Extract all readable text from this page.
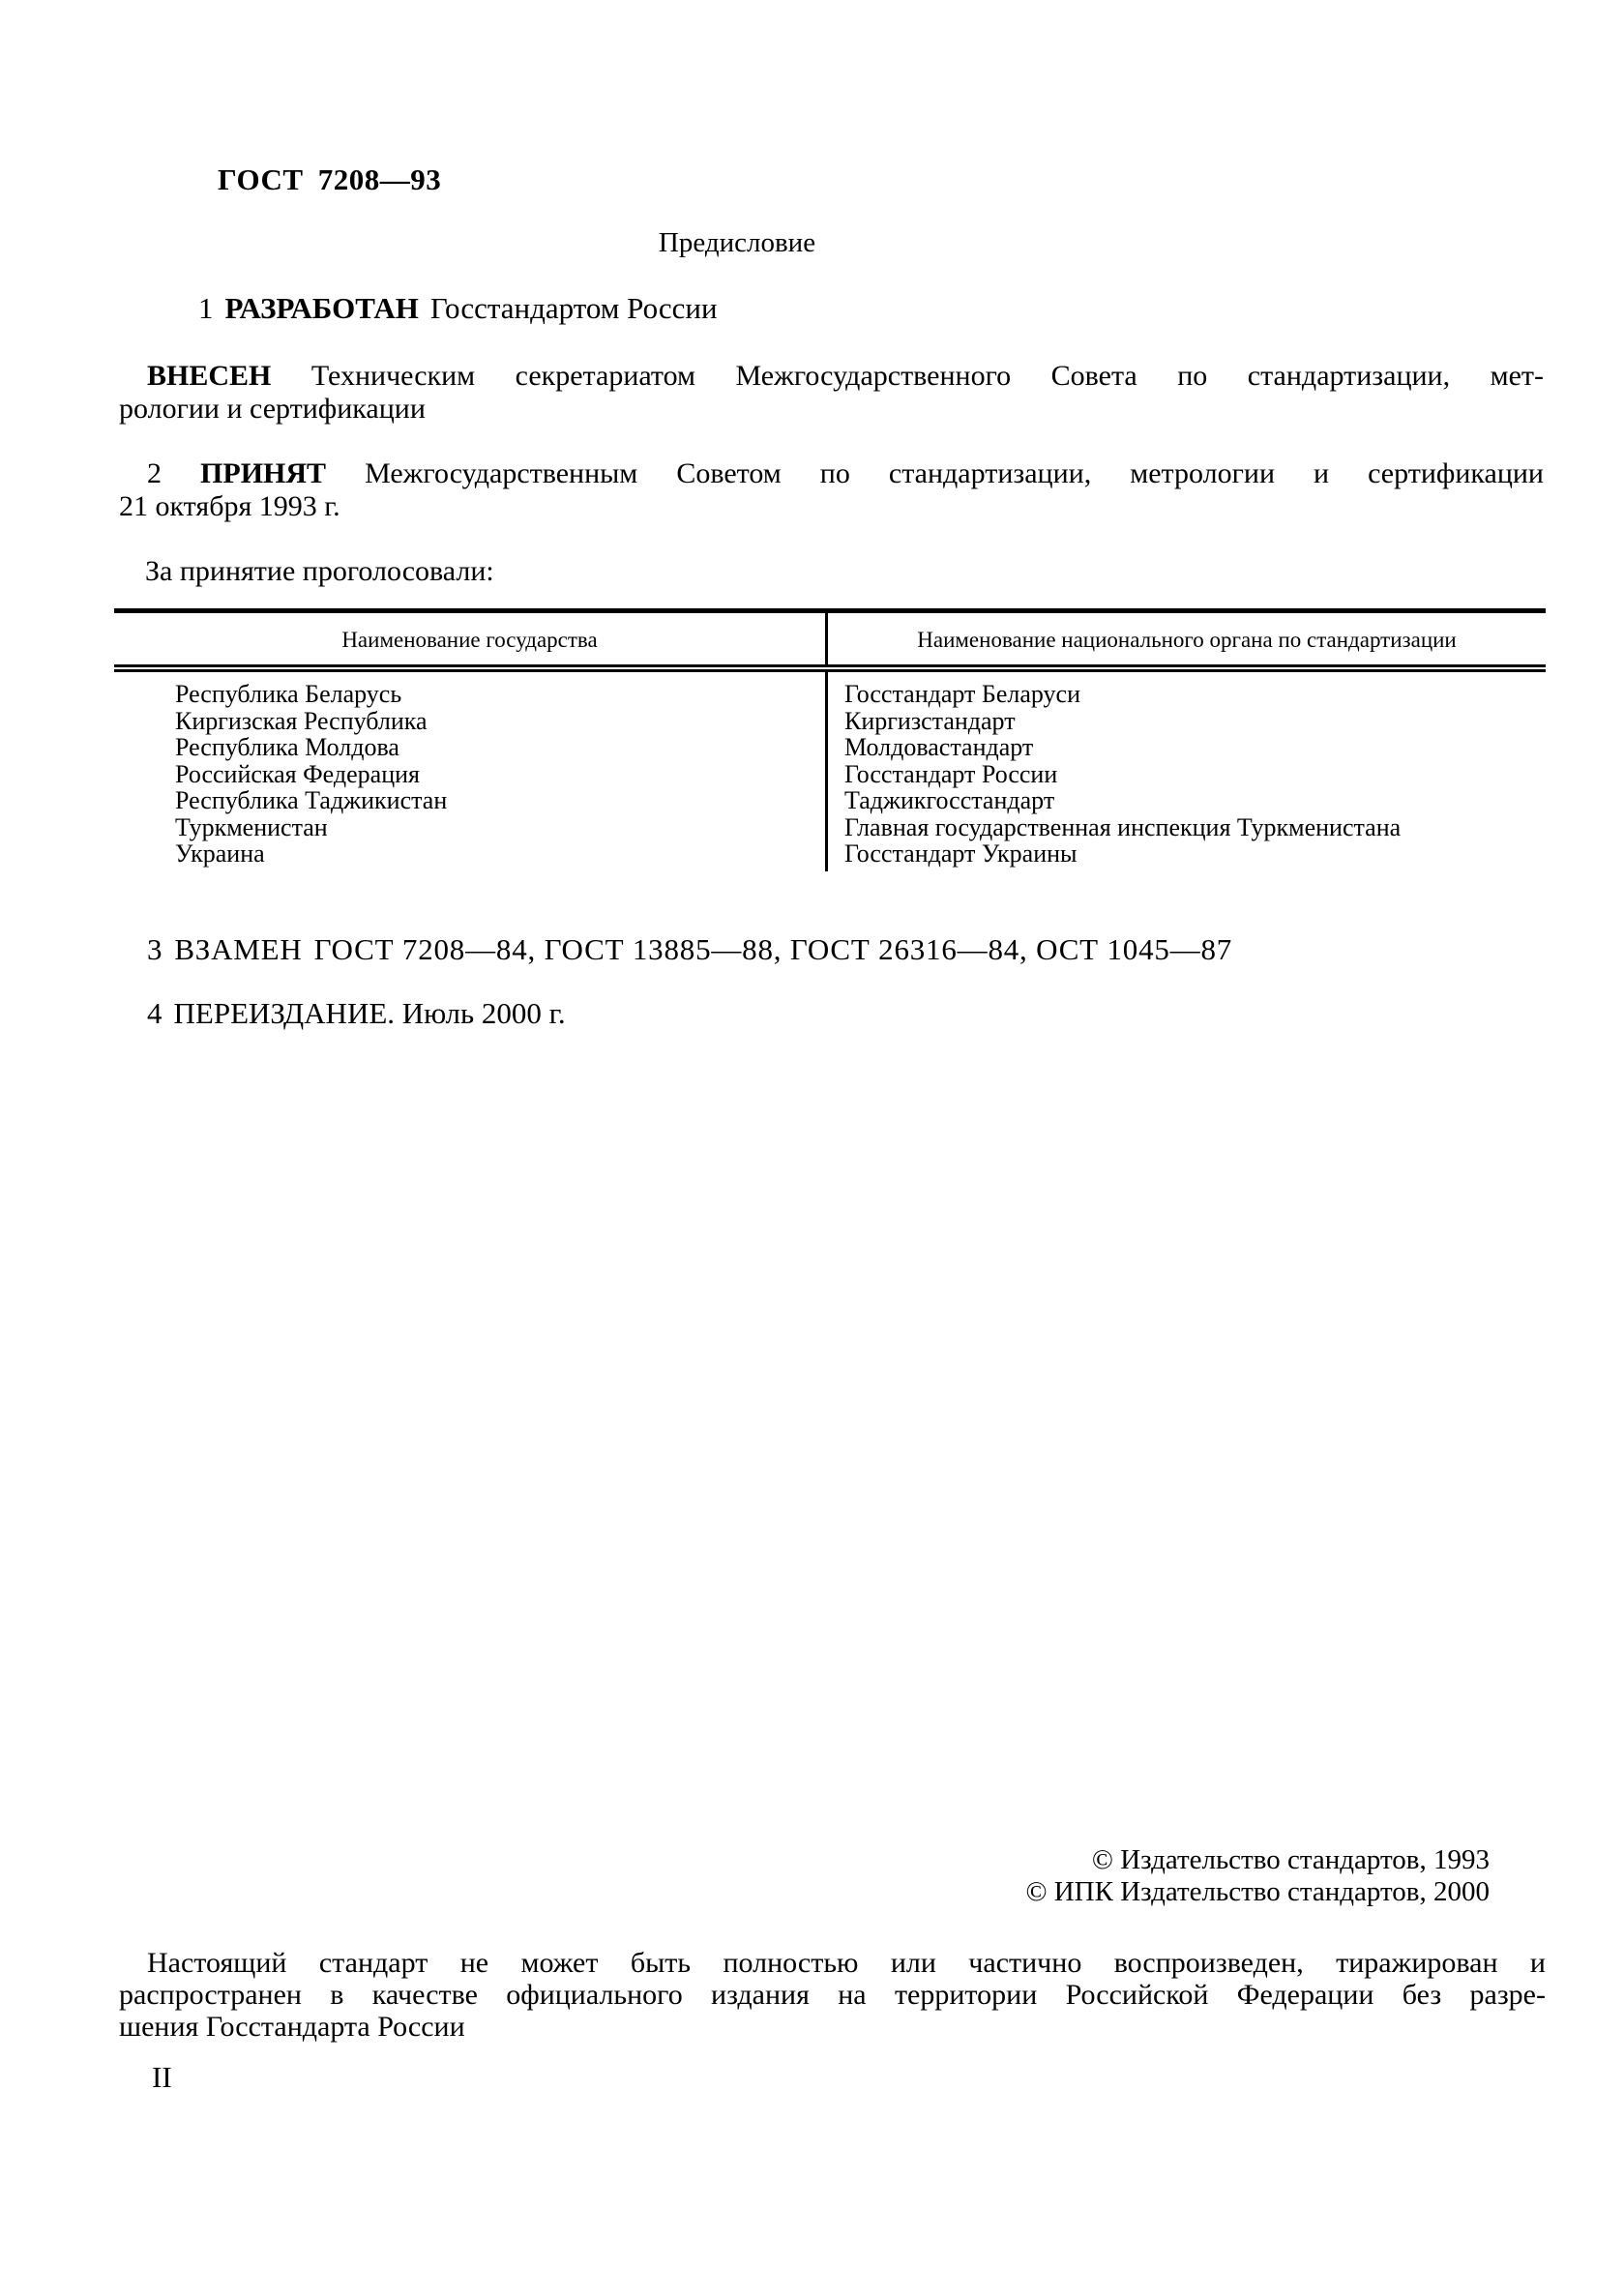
ГОСТ 7208—93
Предисловие
1 РАЗРАБОТАН Госстандартом России

ВНЕСЕН Техническим секретариатом Межгосударственного Совета по стандартизации, мет-
рологии и сертификации

2 ПРИНЯТ Межгосударственным Советом по стандартизации, метрологии и сертификации
21 октября 1993 г.

За принятие проголосовали:
Наименование государства	Наименование национального органа по стандартизации
Республика Беларусь	Госстандарт Беларуси
Киргизская Республика	Киргизстандарт
Республика Молдова	Молдовастандарт
Российская Федерация	Госстандарт России
Республика Таджикистан	Таджикгосстандарт
Туркменистан	Главная государственная инспекция Туркменистана
Украина	Госстандарт Украины
3 ВЗАМЕН ГОСТ 7208—84, ГОСТ 13885—88, ГОСТ 26316—84, ОСТ 1045—87
4 ПЕРЕИЗДАНИЕ. Июль 2000 г.
© Издательство стандартов, 1993
© ИПК Издательство стандартов, 2000

Настоящий стандарт не может быть полностью или частично воспроизведен, тиражирован и
распространен в качестве официального издания на территории Российской Федерации без разре-
шения Госстандарта России

II
